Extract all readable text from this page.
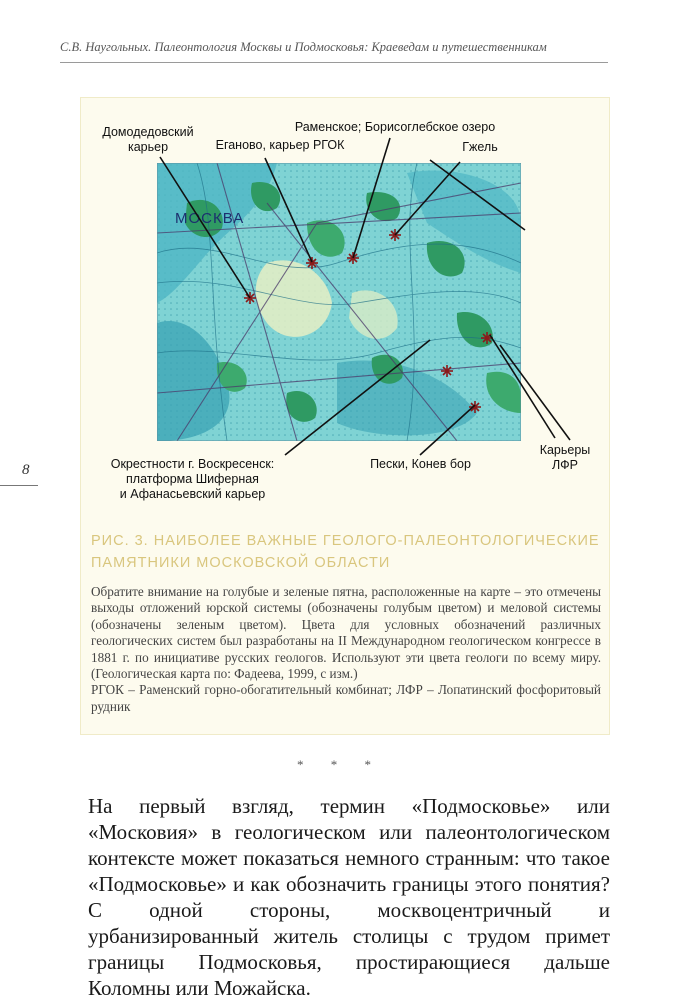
С.В. Наугольных. Палеонтология Москвы и Подмосковья: Краеведам и путешественникам
8
МОСКВА
Домодедовский
карьер	Еганово, карьер РГОК
Раменское; Борисоглебское озеро
Гжель
Окрестности г. Воскресенск:
платформа Шиферная
и Афанасьевский карьер
Пески, Конев бор
Карьеры
ЛФР
РИС. 3. НАИБОЛЕЕ ВАЖНЫЕ ГЕОЛОГО-ПАЛЕОНТОЛОГИЧЕСКИЕ ПАМЯТНИКИ МОСКОВСКОЙ ОБЛАСТИ

Обратите внимание на голубые и зеленые пятна, расположенные на карте – это отмечены выходы отложений юрской системы (обозначены голубым цветом) и меловой системы (обозначены зеленым цветом). Цвета для условных обозначений различных геологических систем был разработаны на II Международном геологическом конгрессе в 1881 г. по инициативе русских геологов. Используют эти цвета геологи по всему миру. (Геологическая карта по: Фадеева, 1999, с изм.)

РГОК – Раменский горно-обогатительный комбинат; ЛФР – Лопатинский фосфоритовый рудник

* * *

На первый взгляд, термин «Подмосковье» или «Московия» в геологическом или палеонтологическом контексте может показаться немного странным: что такое «Подмосковье» и как обозначить границы этого понятия? С одной стороны, москвоцентричный и урбанизированный житель столицы с трудом примет границы Подмосковья, простирающиеся дальше Коломны или Можайска.
